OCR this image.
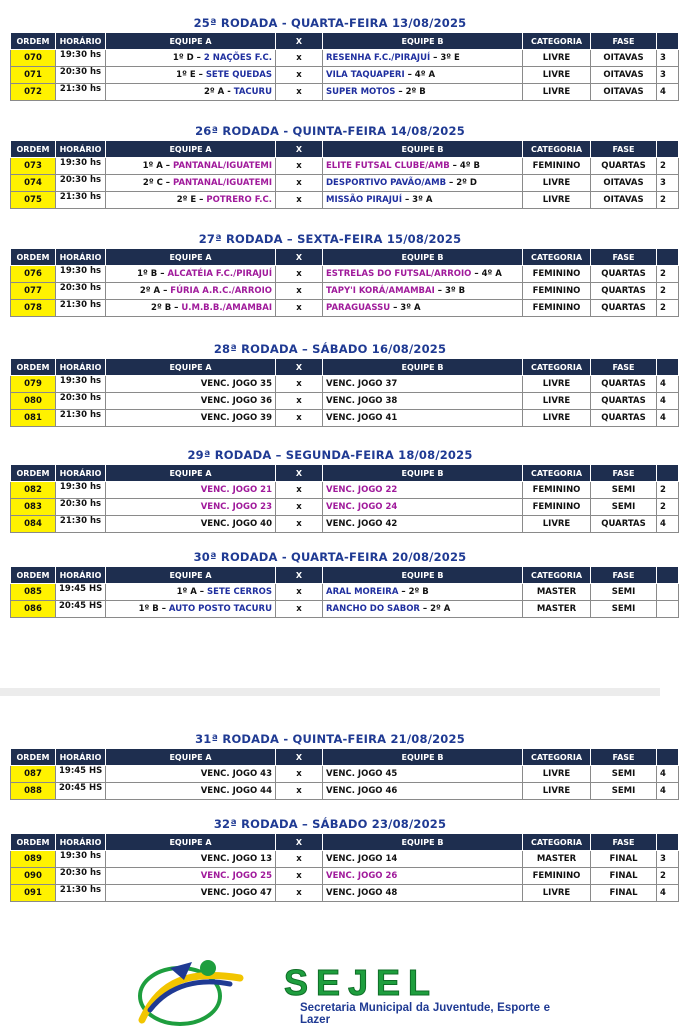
25ª RODADA - QUARTA-FEIRA 13/08/2025
ORDEM	HORÁRIO	EQUIPE A	X	EQUIPE B	CATEGORIA	FASE	
070	19:30 hs	1º D – 2 NAÇÕES F.C.	x	RESENHA F.C./PIRAJUÍ – 3º E	LIVRE	OITAVAS	3
071	20:30 hs	1º E – SETE QUEDAS	x	VILA TAQUAPERI – 4º A	LIVRE	OITAVAS	3
072	21:30 hs	2º A - TACURU	x	SUPER MOTOS – 2º B	LIVRE	OITAVAS	4
26ª RODADA - QUINTA-FEIRA 14/08/2025
ORDEM	HORÁRIO	EQUIPE A	X	EQUIPE B	CATEGORIA	FASE	
073	19:30 hs	1º A – PANTANAL/IGUATEMI	x	ELITE FUTSAL CLUBE/AMB – 4º B	FEMININO	QUARTAS	2
074	20:30 hs	2º C – PANTANAL/IGUATEMI	x	DESPORTIVO PAVÃO/AMB – 2º D	LIVRE	OITAVAS	3
075	21:30 hs	2º E – POTRERO F.C.	x	MISSÃO PIRAJUÍ – 3º A	LIVRE	OITAVAS	2
27ª RODADA – SEXTA-FEIRA 15/08/2025
ORDEM	HORÁRIO	EQUIPE A	X	EQUIPE B	CATEGORIA	FASE	
076	19:30 hs	1º B – ALCATÉIA F.C./PIRAJUÍ	x	ESTRELAS DO FUTSAL/ARROIO – 4º A	FEMININO	QUARTAS	2
077	20:30 hs	2º A – FÚRIA A.R.C./ARROIO	x	TAPY'I KORÁ/AMAMBAI – 3º B	FEMININO	QUARTAS	2
078	21:30 hs	2º B – U.M.B.B./AMAMBAI	x	PARAGUASSU – 3º A	FEMININO	QUARTAS	2
28ª RODADA – SÁBADO 16/08/2025
ORDEM	HORÁRIO	EQUIPE A	X	EQUIPE B	CATEGORIA	FASE	
079	19:30 hs	VENC. JOGO 35	x	VENC. JOGO 37	LIVRE	QUARTAS	4
080	20:30 hs	VENC. JOGO 36	x	VENC. JOGO 38	LIVRE	QUARTAS	4
081	21:30 hs	VENC. JOGO 39	x	VENC. JOGO 41	LIVRE	QUARTAS	4
29ª RODADA – SEGUNDA-FEIRA 18/08/2025
ORDEM	HORÁRIO	EQUIPE A	X	EQUIPE B	CATEGORIA	FASE	
082	19:30 hs	VENC. JOGO 21	x	VENC. JOGO 22	FEMININO	SEMI	2
083	20:30 hs	VENC. JOGO 23	x	VENC. JOGO 24	FEMININO	SEMI	2
084	21:30 hs	VENC. JOGO 40	x	VENC. JOGO 42	LIVRE	QUARTAS	4
30ª RODADA - QUARTA-FEIRA 20/08/2025
ORDEM	HORÁRIO	EQUIPE A	X	EQUIPE B	CATEGORIA	FASE	
085	19:45 HS	1º A – SETE CERROS	x	ARAL MOREIRA – 2º B	MASTER	SEMI	
086	20:45 HS	1º B – AUTO POSTO TACURU	x	RANCHO DO SABOR – 2º A	MASTER	SEMI	
31ª RODADA - QUINTA-FEIRA 21/08/2025
ORDEM	HORÁRIO	EQUIPE A	X	EQUIPE B	CATEGORIA	FASE	
087	19:45 HS	VENC. JOGO 43	x	VENC. JOGO 45	LIVRE	SEMI	4
088	20:45 HS	VENC. JOGO 44	x	VENC. JOGO 46	LIVRE	SEMI	4
32ª RODADA – SÁBADO 23/08/2025
ORDEM	HORÁRIO	EQUIPE A	X	EQUIPE B	CATEGORIA	FASE	
089	19:30 hs	VENC. JOGO 13	x	VENC. JOGO 14	MASTER	FINAL	3
090	20:30 hs	VENC. JOGO 25	x	VENC. JOGO 26	FEMININO	FINAL	2
091	21:30 hs	VENC. JOGO 47	x	VENC. JOGO 48	LIVRE	FINAL	4
SEJEL
Secretaria Municipal da Juventude, Esporte e Lazer
